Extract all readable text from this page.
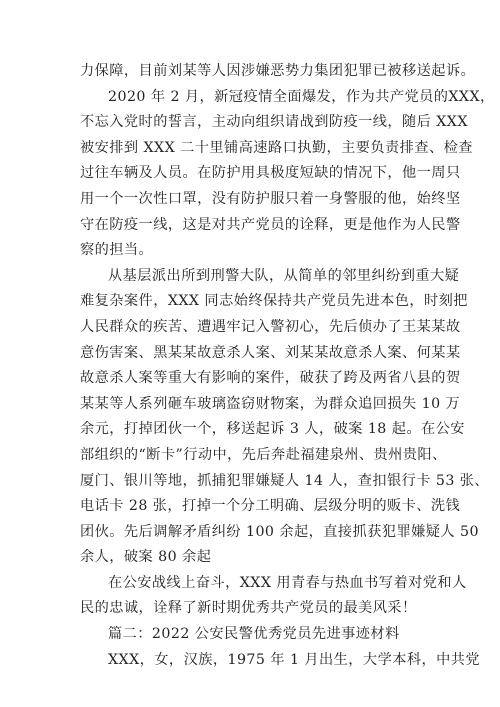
力保障，目前刘某等人因涉嫌恶势力集团犯罪已被移送起诉。
2020 年 2 月，新冠疫情全面爆发，作为共产党员的XXX，
不忘入党时的誓言，主动向组织请战到防疫一线，随后 XXX
被安排到 XXX 二十里铺高速路口执勤，主要负责排查、检查
过往车辆及人员。在防护用具极度短缺的情况下，他一周只
用一个一次性口罩，没有防护服只着一身警服的他，始终坚
守在防疫一线，这是对共产党员的诠释，更是他作为人民警
察的担当。
从基层派出所到刑警大队，从简单的邻里纠纷到重大疑
难复杂案件，XXX 同志始终保持共产党员先进本色，时刻把
人民群众的疾苦、遭遇牢记入警初心，先后侦办了王某某故
意伤害案、黑某某故意杀人案、刘某某故意杀人案、何某某
故意杀人案等重大有影响的案件，破获了跨及两省八县的贺
某某等人系列砸车玻璃盗窃财物案，为群众追回损失 10 万
余元，打掉团伙一个，移送起诉 3 人，破案 18 起。在公安
部组织的“断卡”行动中，先后奔赴福建泉州、贵州贵阳、
厦门、银川等地，抓捕犯罪嫌疑人 14 人，查扣银行卡 53 张、
电话卡 28 张，打掉一个分工明确、层级分明的贩卡、洗钱
团伙。先后调解矛盾纠纷 100 余起，直接抓获犯罪嫌疑人 50
余人，破案 80 余起
在公安战线上奋斗，XXX 用青春与热血书写着对党和人
民的忠诚，诠释了新时期优秀共产党员的最美风采！
篇二：2022 公安民警优秀党员先进事迹材料
XXX，女，汉族，1975 年 1 月出生，大学本科，中共党
